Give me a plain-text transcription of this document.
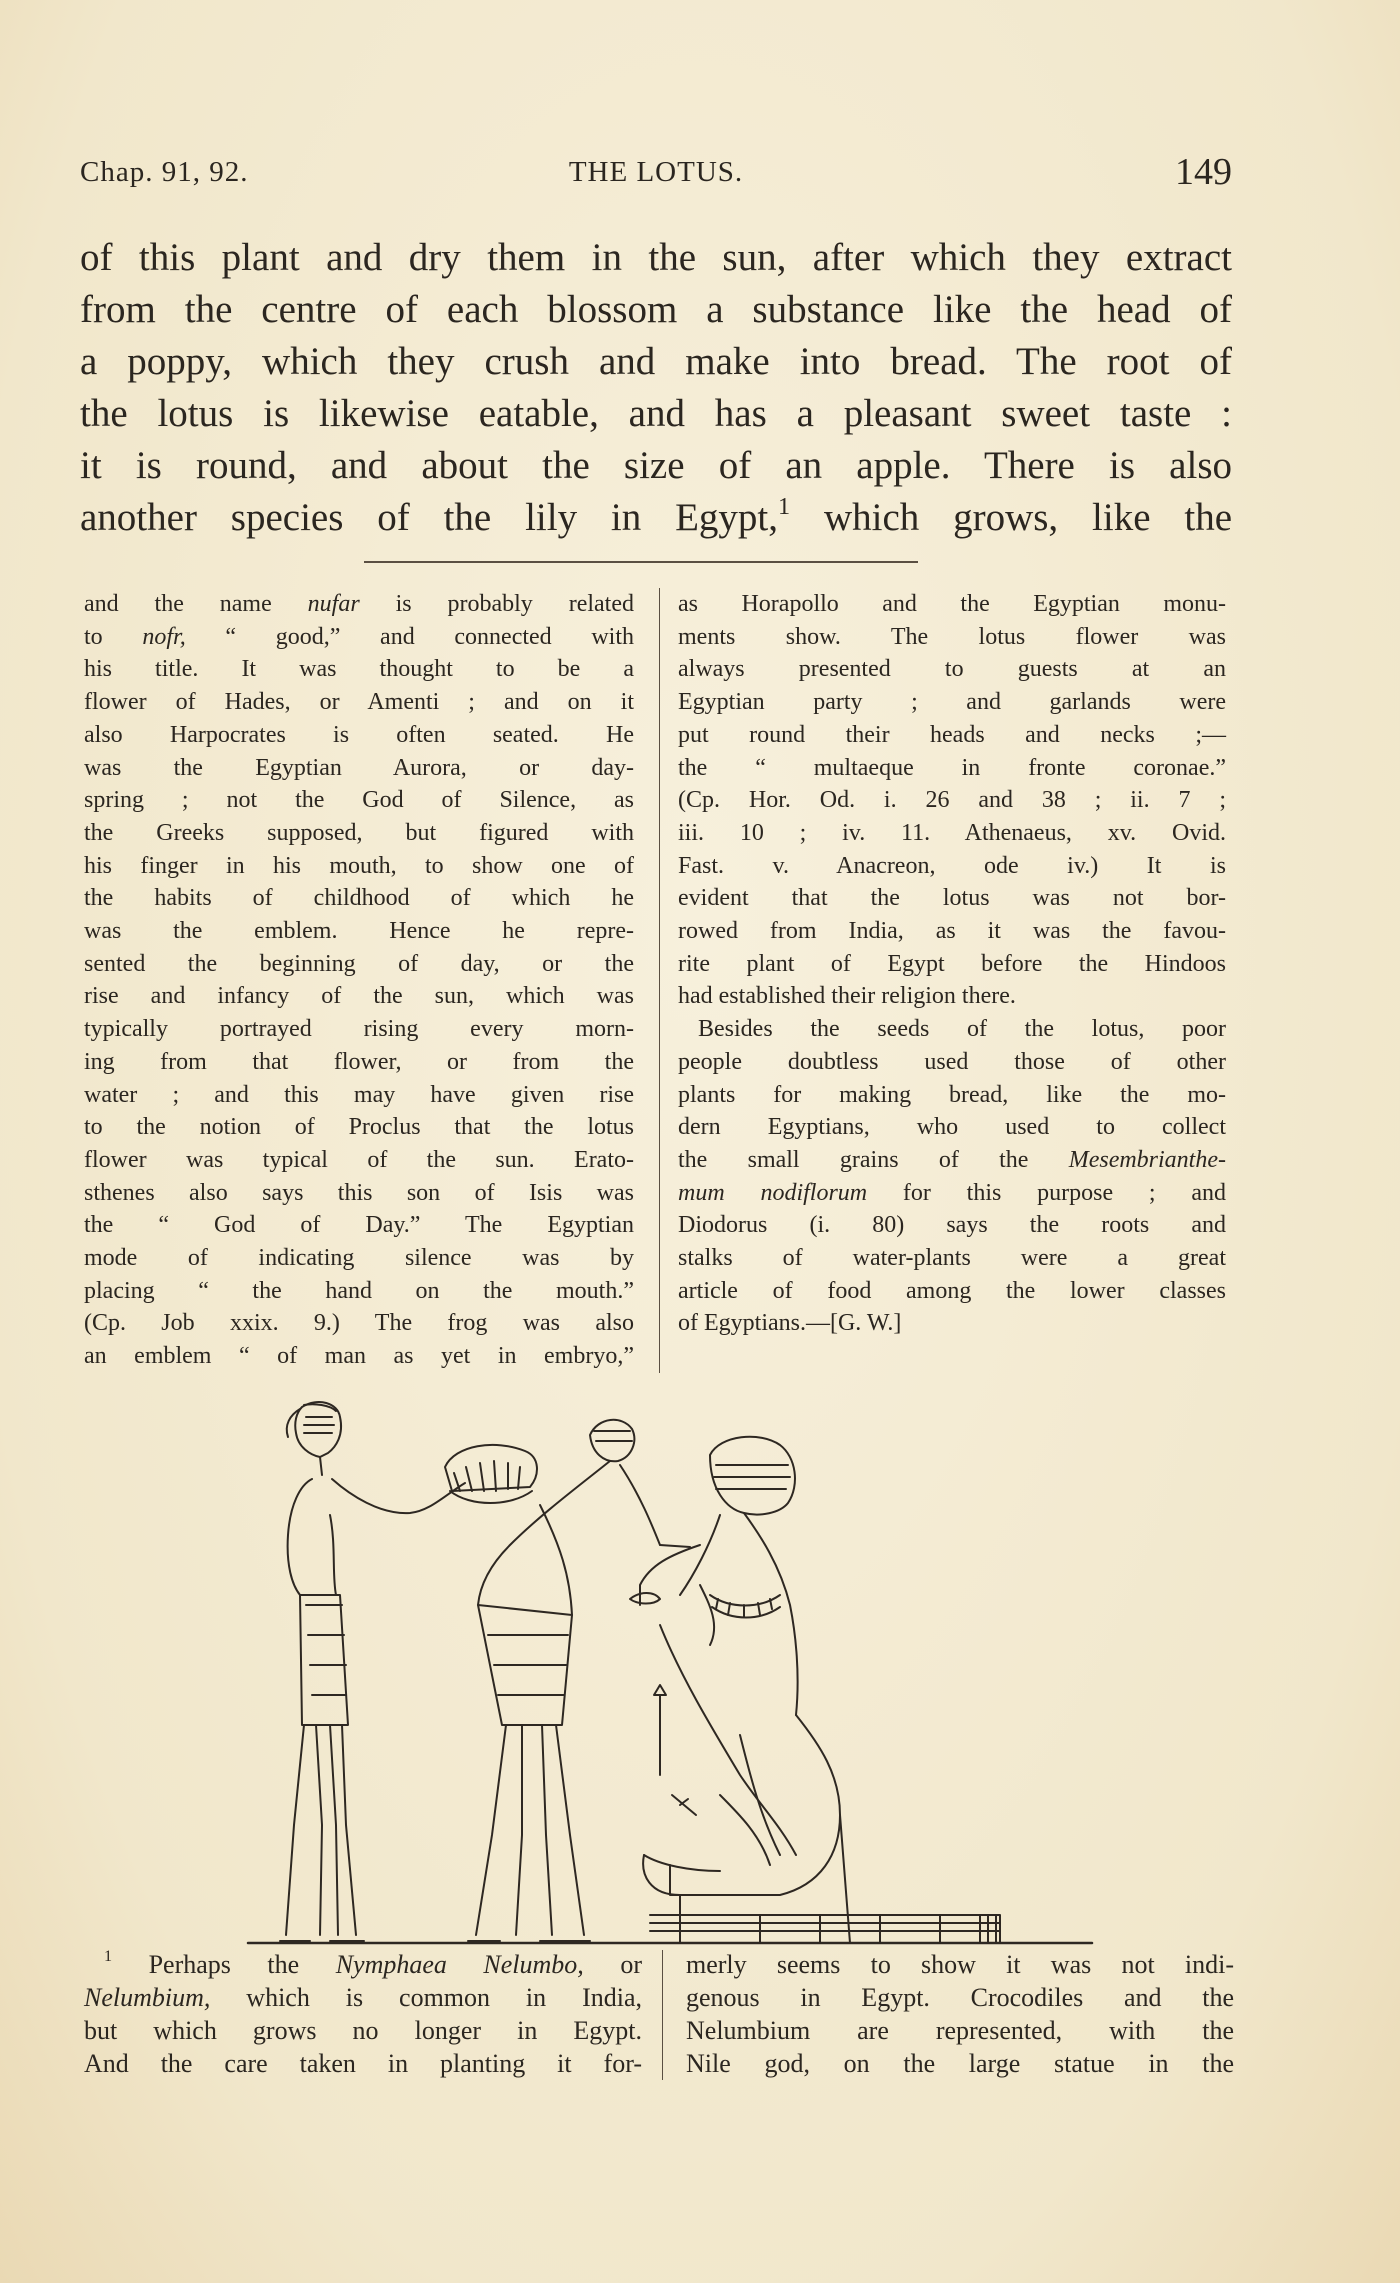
Chap. 91, 92.	THE LOTUS.	149
of this plant and dry them in the sun, after which they extract
from the centre of each blossom a substance like the head of
a poppy, which they crush and make into bread. The root of
the lotus is likewise eatable, and has a pleasant sweet taste :
it is round, and about the size of an apple. There is also
another species of the lily in Egypt,$^1$ which grows, like the
and the name nufar is probably related
to nofr, “ good,” and connected with
his title. It was thought to be a
flower of Hades, or Amenti ; and on it
also Harpocrates is often seated. He
was the Egyptian Aurora, or day-
spring ; not the God of Silence, as
the Greeks supposed, but figured with
his finger in his mouth, to show one of
the habits of childhood of which he
was the emblem. Hence he repre-
sented the beginning of day, or the
rise and infancy of the sun, which was
typically portrayed rising every morn-
ing from that flower, or from the
water ; and this may have given rise
to the notion of Proclus that the lotus
flower was typical of the sun. Erato-
sthenes also says this son of Isis was
the “ God of Day.” The Egyptian
mode of indicating silence was by
placing “ the hand on the mouth.”
(Cp. Job xxix. 9.) The frog was also
an emblem “ of man as yet in embryo,”
as Horapollo and the Egyptian monu-
ments show. The lotus flower was
always presented to guests at an
Egyptian party ; and garlands were
put round their heads and necks ;—
the “ multaeque in fronte coronae.”
(Cp. Hor. Od. i. 26 and 38 ; ii. 7 ;
iii. 10 ; iv. 11. Athenaeus, xv. Ovid.
Fast. v. Anacreon, ode iv.) It is
evident that the lotus was not bor-
rowed from India, as it was the favou-
rite plant of Egypt before the Hindoos
had established their religion there.
Besides the seeds of the lotus, poor
people doubtless used those of other
plants for making bread, like the mo-
dern Egyptians, who used to collect
the small grains of the Mesembrianthe-
mum nodiflorum for this purpose ; and
Diodorus (i. 80) says the roots and
stalks of water-plants were a great
article of food among the lower classes
of Egyptians.—[G. W.]
$^1$ Perhaps the Nymphaea Nelumbo, or
Nelumbium, which is common in India,
but which grows no longer in Egypt.
And the care taken in planting it for-
merly seems to show it was not indi-
genous in Egypt. Crocodiles and the
Nelumbium are represented, with the
Nile god, on the large statue in the
